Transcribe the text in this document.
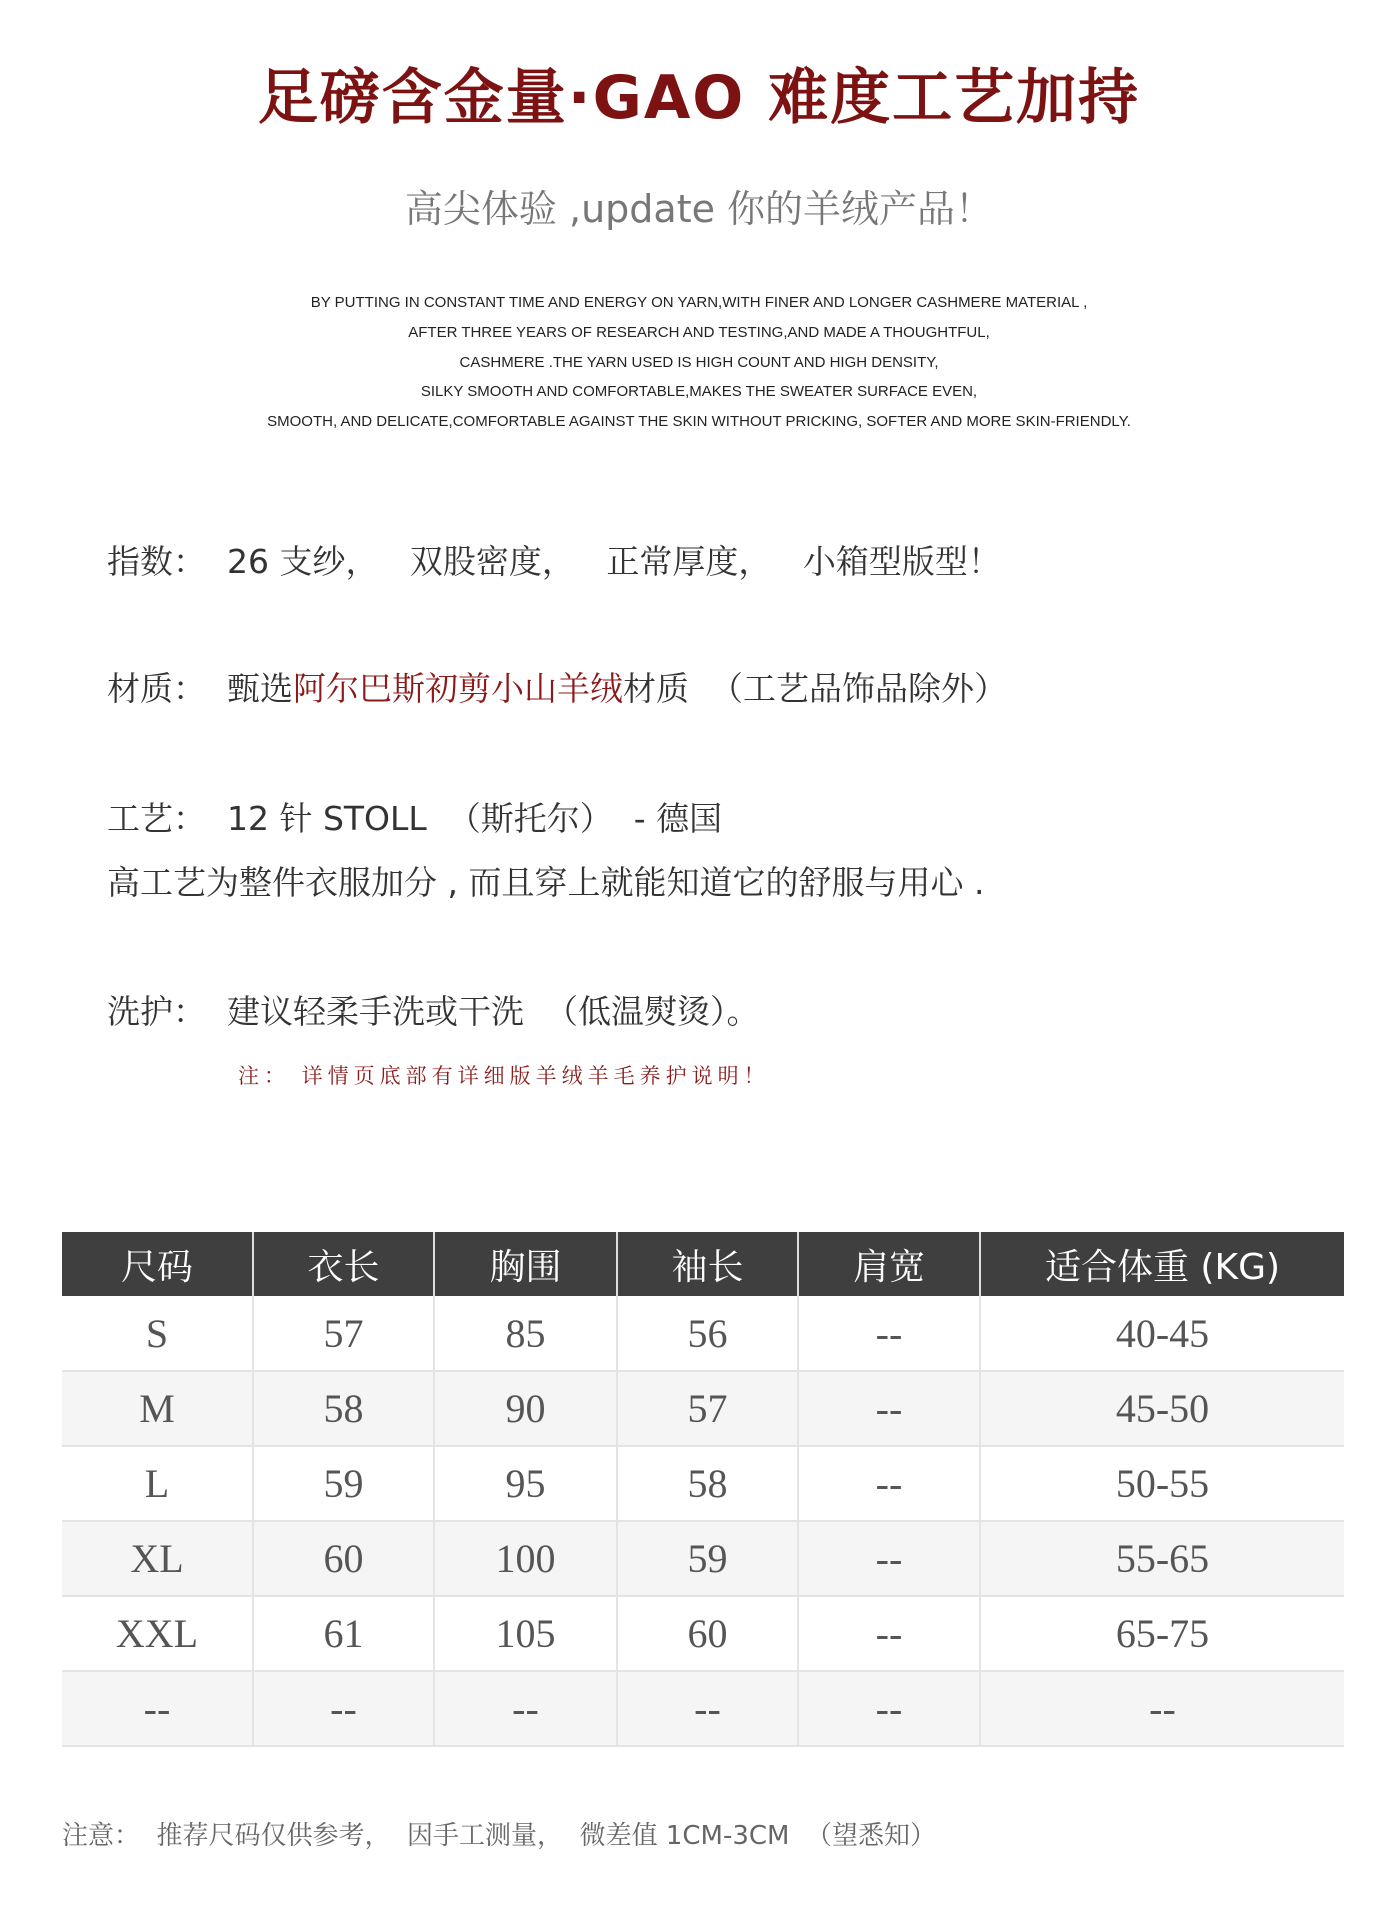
足磅含金量·GAO 难度工艺加持
高尖体验 ,update 你的羊绒产品！
BY PUTTING IN CONSTANT TIME AND ENERGY ON YARN,WITH FINER AND LONGER CASHMERE MATERIAL ,
AFTER THREE YEARS OF RESEARCH AND TESTING,AND MADE A THOUGHTFUL,
CASHMERE .THE YARN USED IS HIGH COUNT AND HIGH DENSITY,
SILKY SMOOTH AND COMFORTABLE,MAKES THE SWEATER SURFACE EVEN,
SMOOTH, AND DELICATE,COMFORTABLE AGAINST THE SKIN WITHOUT PRICKING, SOFTER AND MORE SKIN-FRIENDLY.
指数：  26 支纱，   双股密度，   正常厚度，   小箱型版型！
材质：  甄选阿尔巴斯初剪小山羊绒材质  （工艺品饰品除外）
工艺：  12 针 STOLL  （斯托尔）  - 德国
高工艺为整件衣服加分 , 而且穿上就能知道它的舒服与用心 .
洗护：  建议轻柔手洗或干洗  （低温熨烫）。
注： 详情页底部有详细版羊绒羊毛养护说明！
尺码	衣长	胸围	袖长	肩宽	适合体重 (KG)
S	57	85	56	--	40-45
M	58	90	57	--	45-50
L	59	95	58	--	50-55
XL	60	100	59	--	55-65
XXL	61	105	60	--	65-75
--	--	--	--	--	--
注意：  推荐尺码仅供参考，  因手工测量，  微差值 1CM-3CM  （望悉知）
